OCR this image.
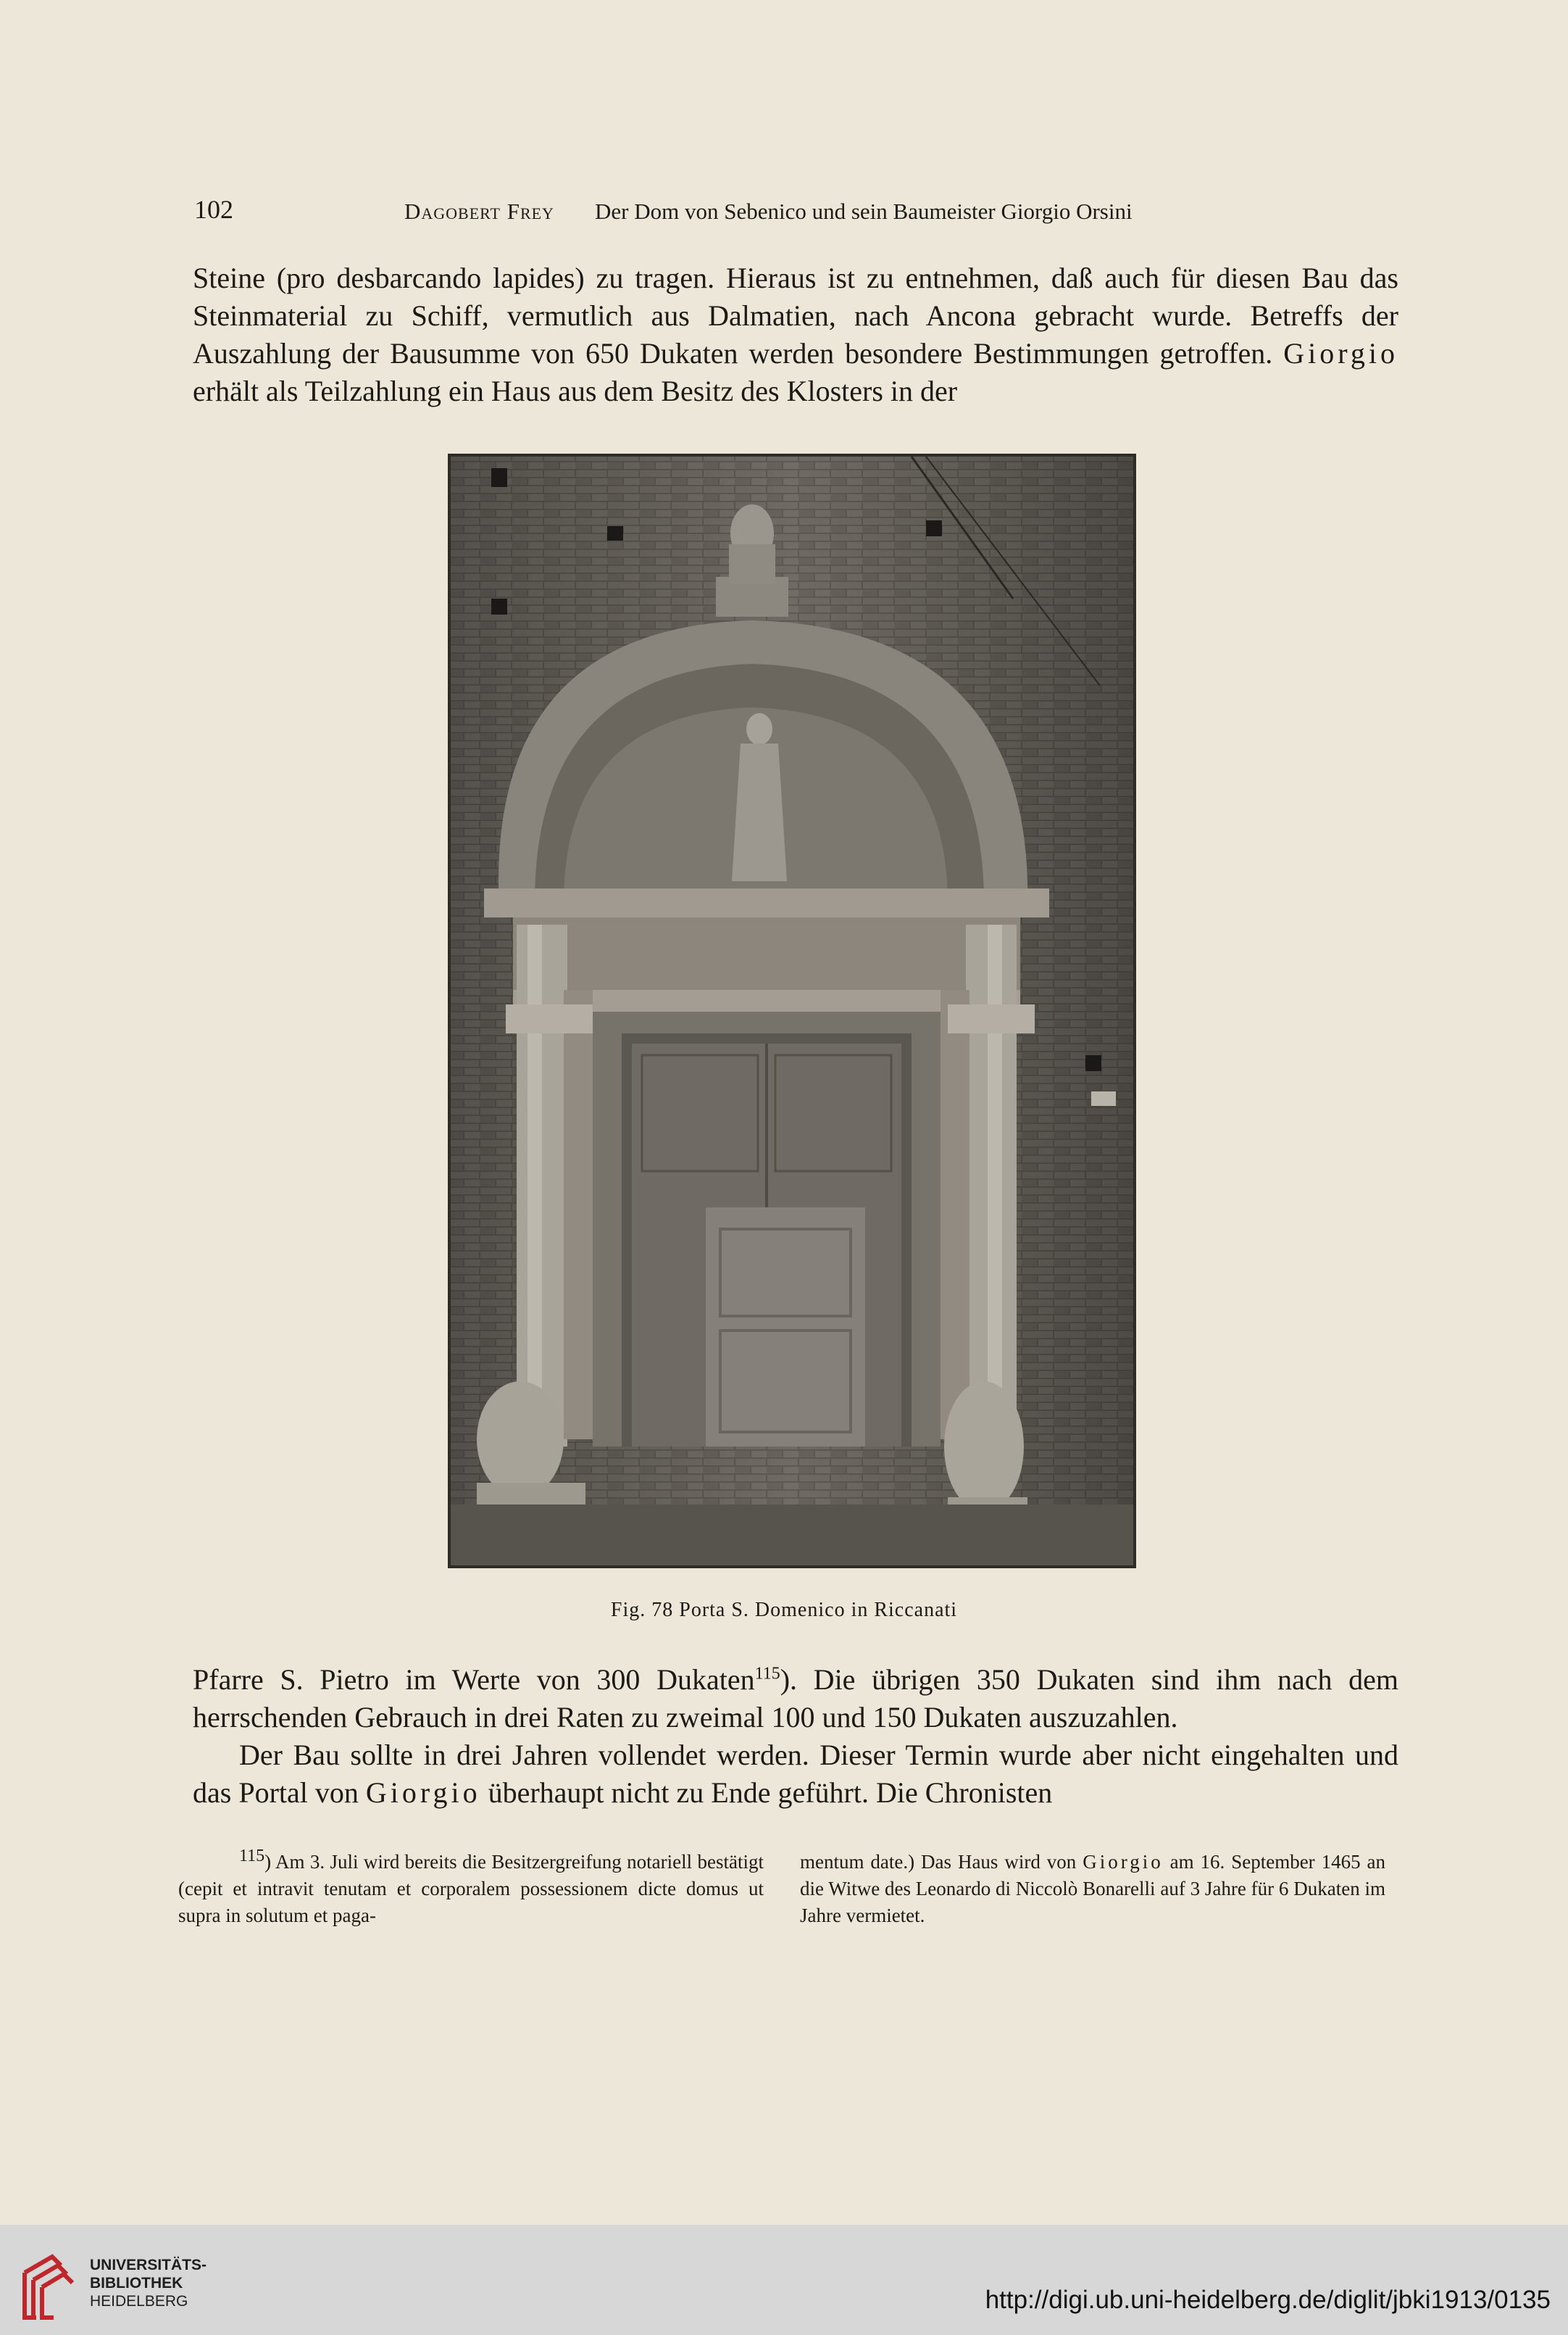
102	Dagobert Frey Der Dom von Sebenico und sein Baumeister Giorgio Orsini

Steine (pro desbarcando lapides) zu tragen. Hieraus ist zu entnehmen, daß auch für diesen Bau das Steinmaterial zu Schiff, vermutlich aus Dalmatien, nach Ancona gebracht wurde. Betreffs der Auszahlung der Bausumme von 650 Dukaten werden besondere Bestimmungen getroffen. Giorgio erhält als Teilzahlung ein Haus aus dem Besitz des Klosters in der

Fig. 78 Porta S. Domenico in Riccanati

Pfarre S. Pietro im Werte von 300 Dukaten$^{115}$). Die übrigen 350 Dukaten sind ihm nach dem herrschenden Gebrauch in drei Raten zu zweimal 100 und 150 Dukaten auszuzahlen.

Der Bau sollte in drei Jahren vollendet werden. Dieser Termin wurde aber nicht eingehalten und das Portal von Giorgio überhaupt nicht zu Ende geführt. Die Chronisten

$^{115}$) Am 3. Juli wird bereits die Besitzergreifung notariell bestätigt (cepit et intravit tenutam et corporalem possessionem dicte domus ut supra in solutum et paga-
mentum date.) Das Haus wird von Giorgio am 16. September 1465 an die Witwe des Leonardo di Niccolò Bonarelli auf 3 Jahre für 6 Dukaten im Jahre vermietet.
UNIVERSITÄTS-
BIBLIOTHEK
HEIDELBERG	http://digi.ub.uni-heidelberg.de/diglit/jbki1913/0135
